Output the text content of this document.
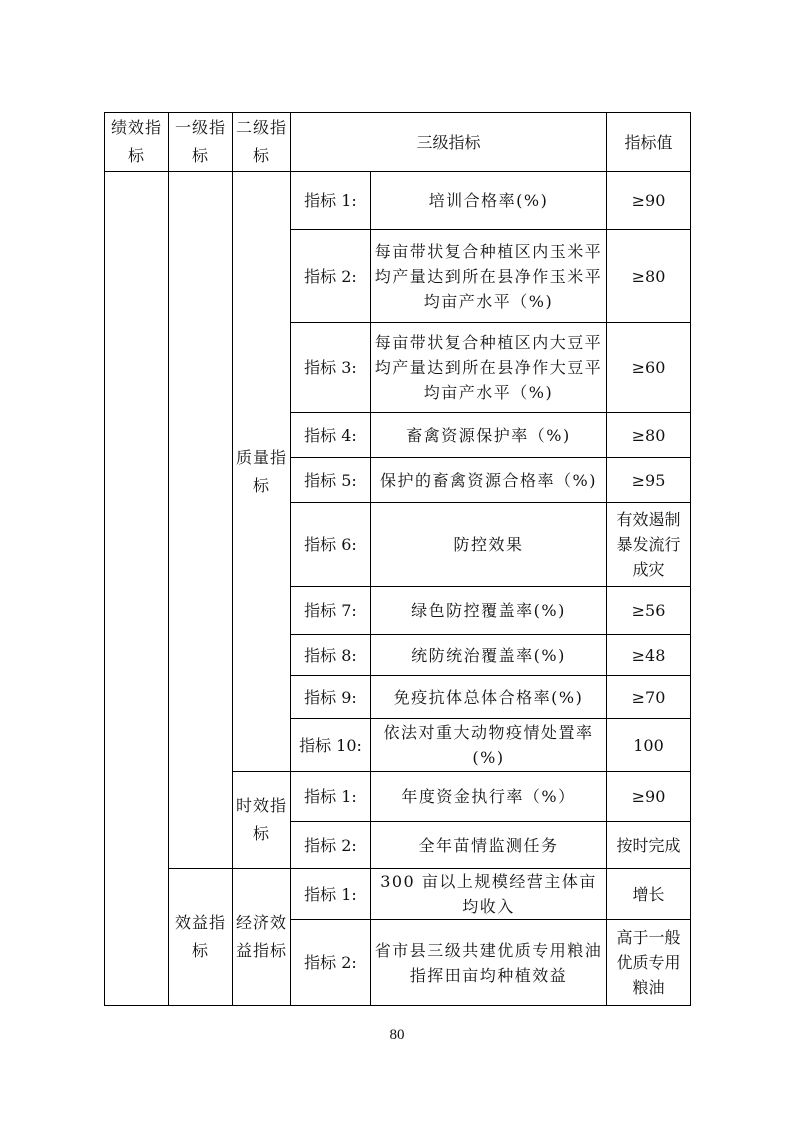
绩效指标	一级指标	二级指标	三级指标		指标值
		质量指标	指标 1:	培训合格率(%)	≥90
			指标 2:	每亩带状复合种植区内玉米平均产量达到所在县净作玉米平均亩产水平（%)	≥80
			指标 3:	每亩带状复合种植区内大豆平均产量达到所在县净作大豆平均亩产水平（%)	≥60
			指标 4:	畜禽资源保护率（%)	≥80
			指标 5:	保护的畜禽资源合格率（%)	≥95
			指标 6:	防控效果	有效遏制暴发流行成灾
			指标 7:	绿色防控覆盖率(%)	≥56
			指标 8:	统防统治覆盖率(%)	≥48
			指标 9:	免疫抗体总体合格率(%)	≥70
			指标 10:	依法对重大动物疫情处置率(%)	100
		时效指标	指标 1:	年度资金执行率（%）	≥90
			指标 2:	全年苗情监测任务	按时完成
	效益指标	经济效益指标	指标 1:	300 亩以上规模经营主体亩均收入	增长
			指标 2:	省市县三级共建优质专用粮油指挥田亩均种植效益	高于一般优质专用粮油
80
